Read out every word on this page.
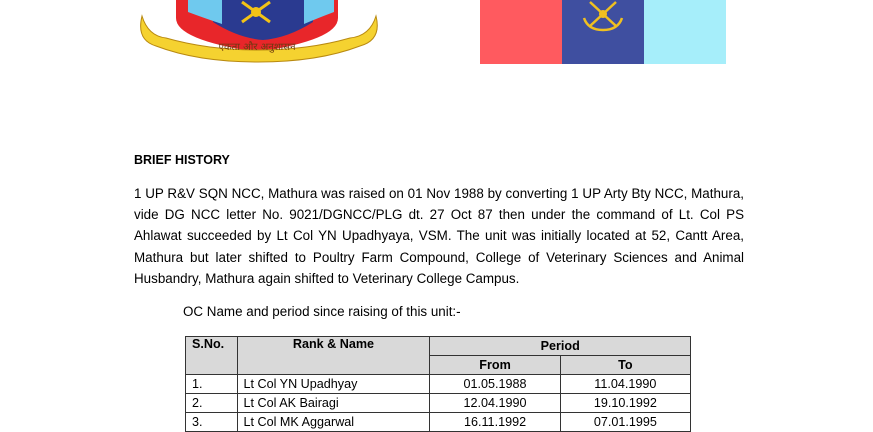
एकता और अनुशासन
BRIEF HISTORY

1 UP R&V SQN NCC, Mathura was raised on 01 Nov 1988 by converting 1 UP Arty Bty NCC, Mathura, vide DG NCC letter No. 9021/DGNCC/PLG dt. 27 Oct 87 then under the command of Lt. Col PS Ahlawat succeeded by Lt Col YN Upadhyaya, VSM. The unit was initially located at 52, Cantt Area, Mathura but later shifted to Poultry Farm Compound, College of Veterinary Sciences and Animal Husbandry, Mathura again shifted to Veterinary College Campus.

OC Name and period since raising of this unit:-
S.No.	Rank & Name	Period	
		From	To
1.	Lt Col YN Upadhyay	01.05.1988	11.04.1990
2.	Lt Col AK Bairagi	12.04.1990	19.10.1992
3.	Lt Col MK Aggarwal	16.11.1992	07.01.1995
